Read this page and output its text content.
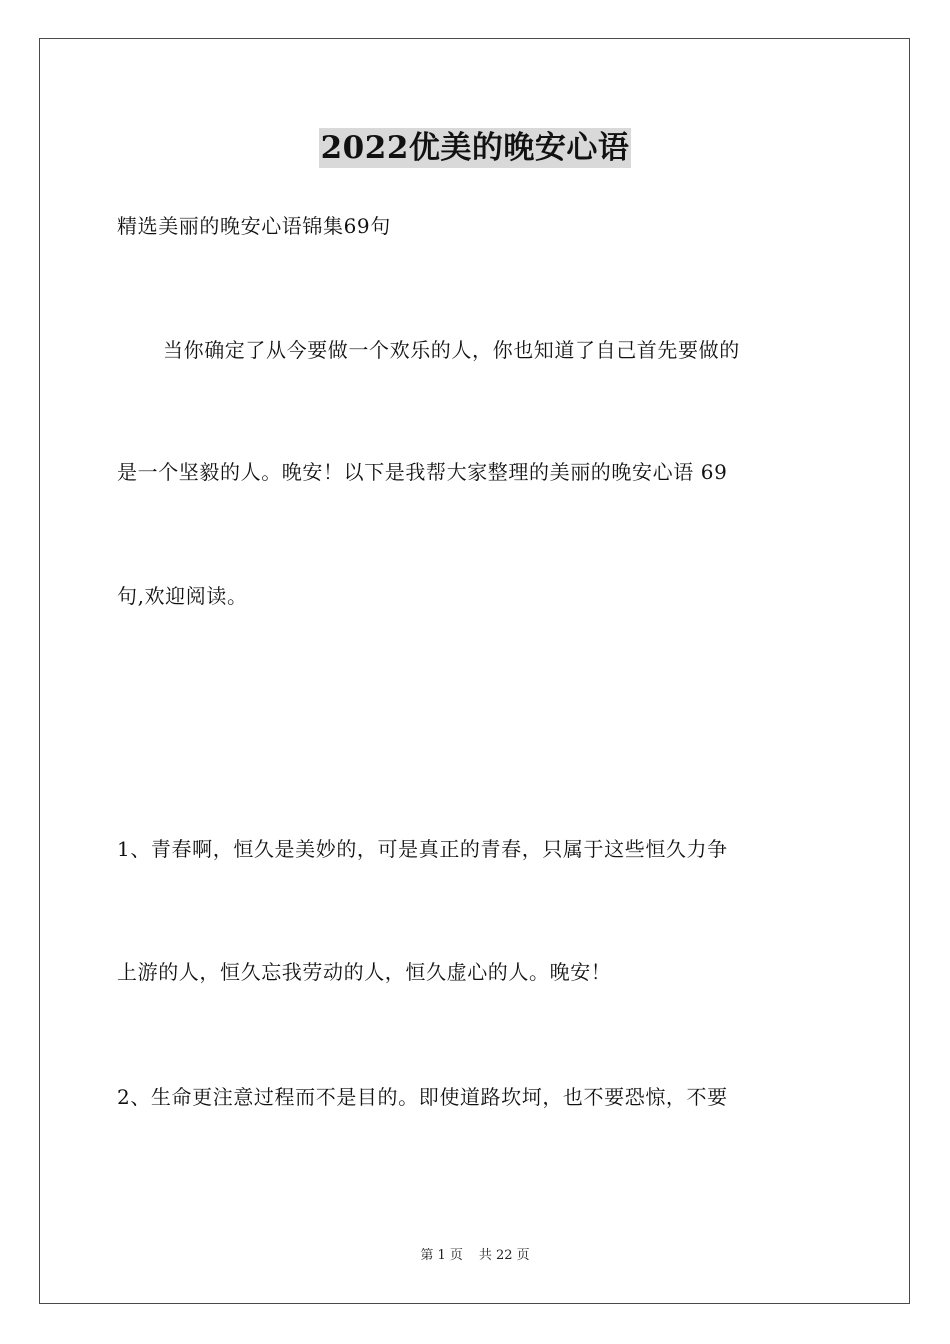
2022优美的晚安心语
精选美丽的晚安心语锦集69句
当你确定了从今要做一个欢乐的人，你也知道了自己首先要做的
是一个坚毅的人。晚安！以下是我帮大家整理的美丽的晚安心语 69
句,欢迎阅读。
1、青春啊，恒久是美妙的，可是真正的青春，只属于这些恒久力争
上游的人，恒久忘我劳动的人，恒久虚心的人。晚安！
2、生命更注意过程而不是目的。即使道路坎坷，也不要恐惊，不要
第 1 页 共 22 页
